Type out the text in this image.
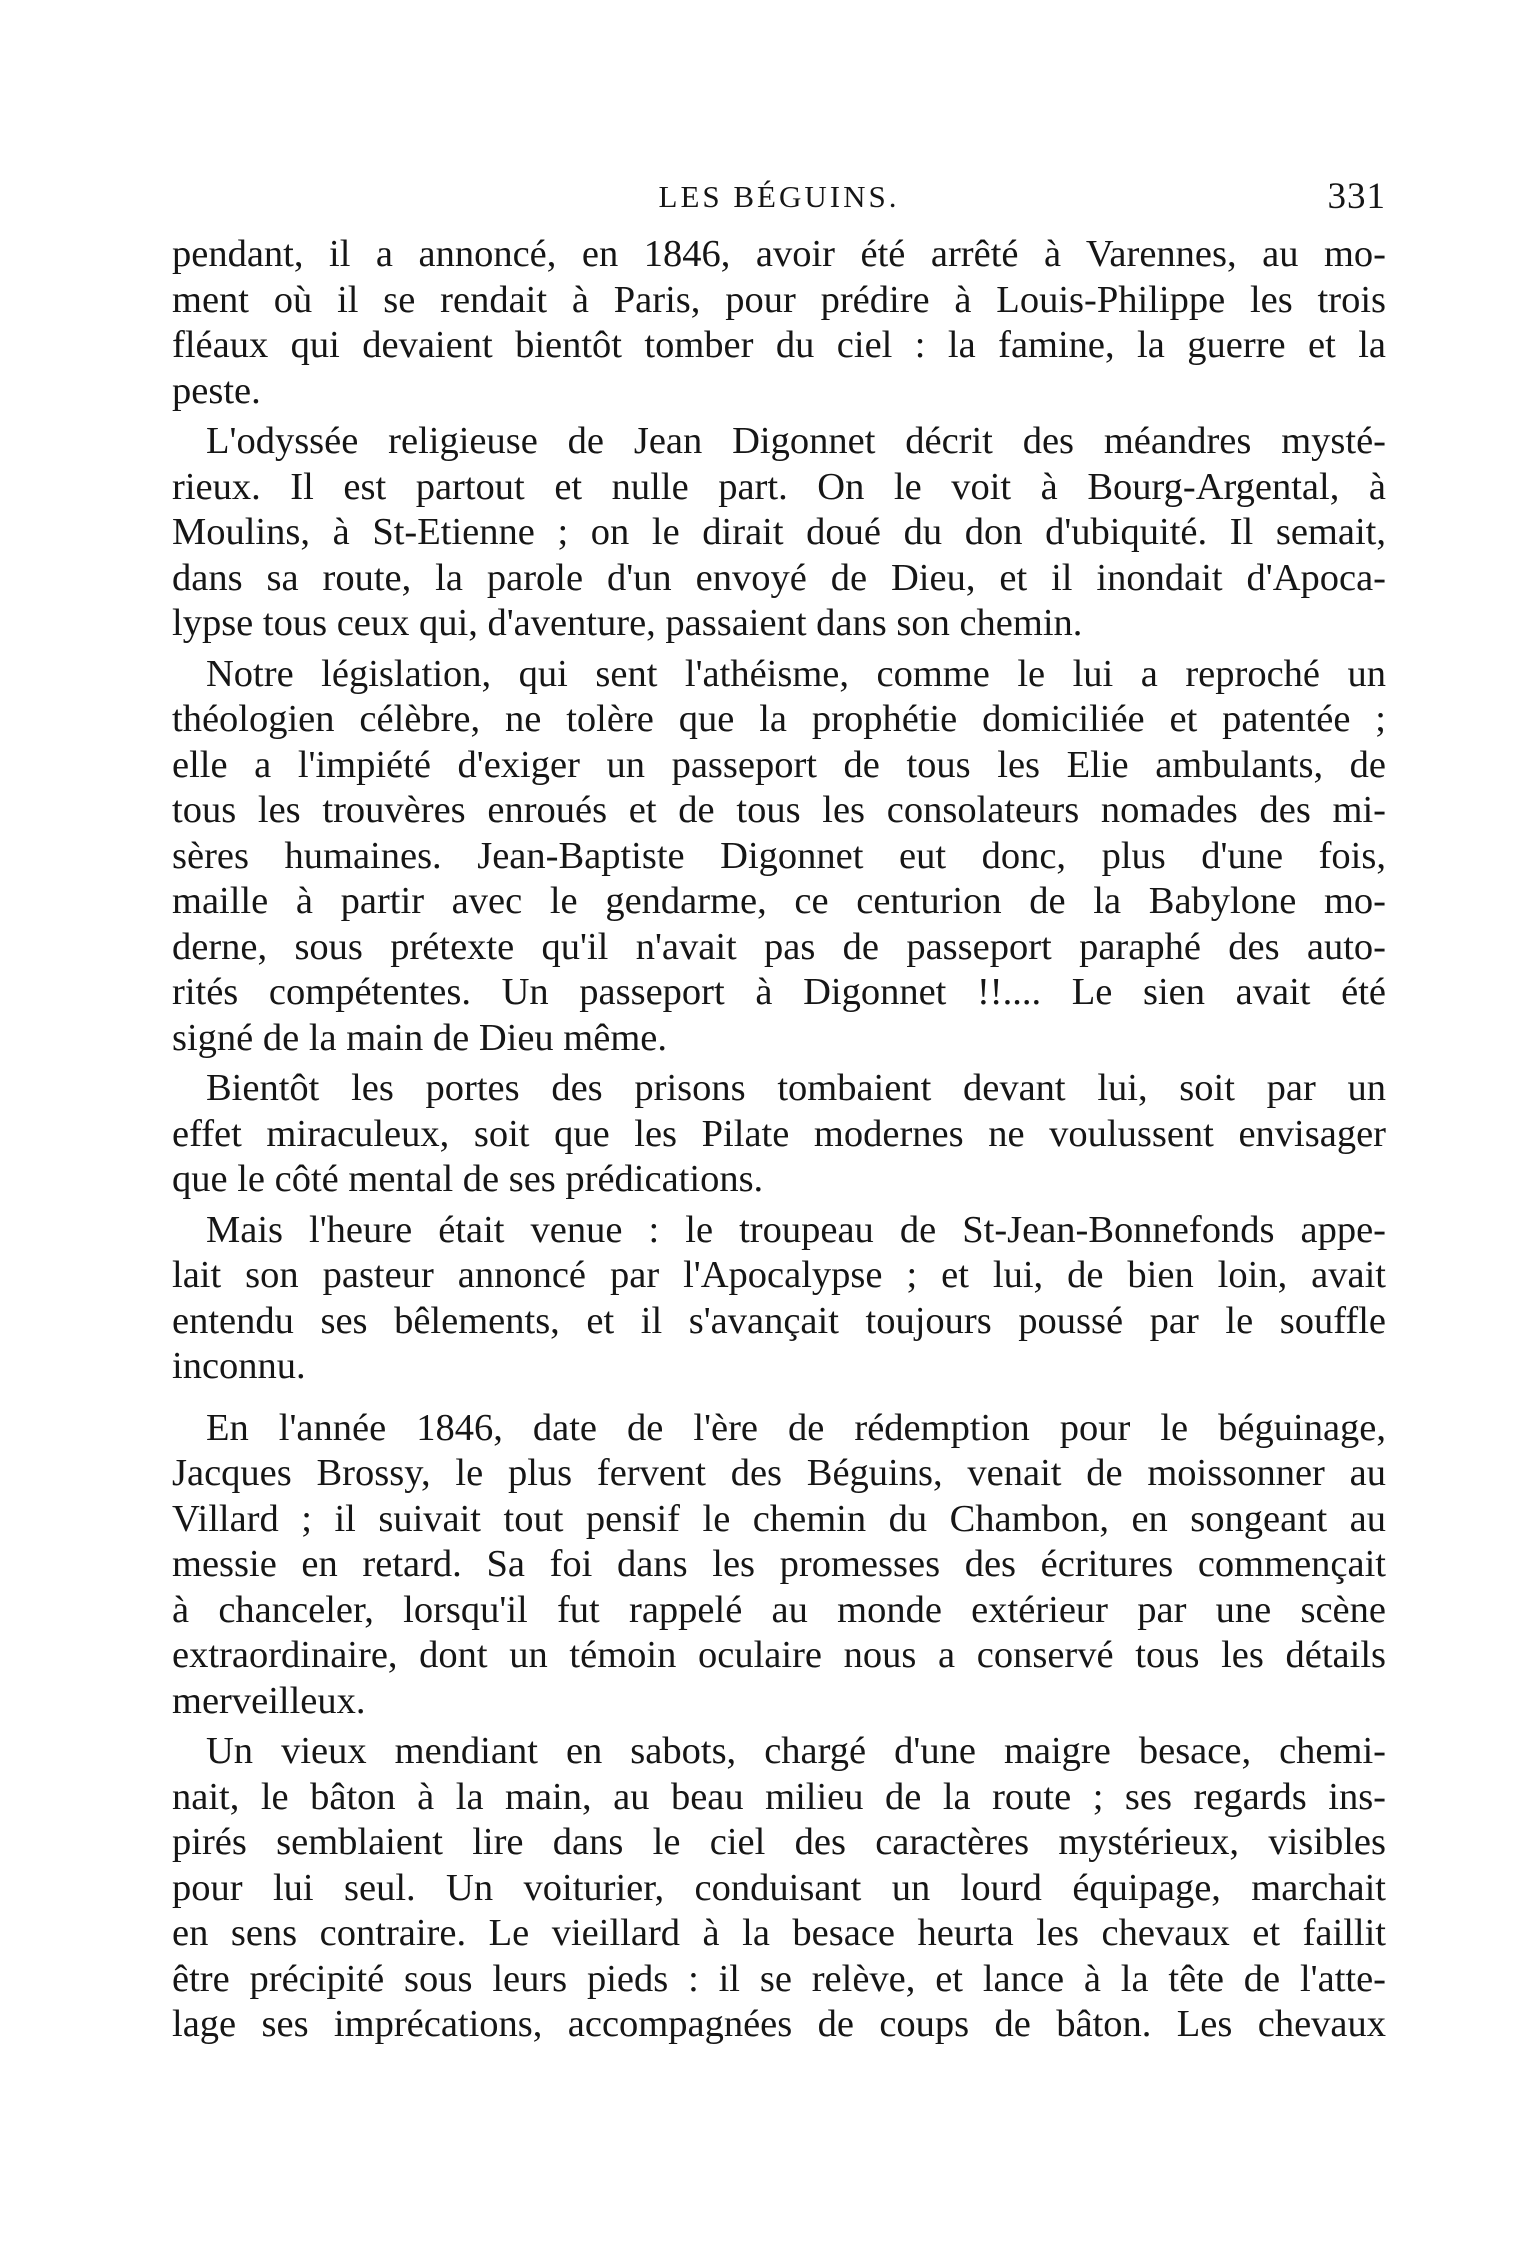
LES BÉGUINS.	331
pendant, il a annoncé, en 1846, avoir été arrêté à Varennes, au mo-
ment où il se rendait à Paris, pour prédire à Louis-Philippe les trois
fléaux qui devaient bientôt tomber du ciel : la famine, la guerre et la
peste.
L'odyssée religieuse de Jean Digonnet décrit des méandres mysté-
rieux. Il est partout et nulle part. On le voit à Bourg-Argental, à
Moulins, à St-Etienne ; on le dirait doué du don d'ubiquité. Il semait,
dans sa route, la parole d'un envoyé de Dieu, et il inondait d'Apoca-
lypse tous ceux qui, d'aventure, passaient dans son chemin.
Notre législation, qui sent l'athéisme, comme le lui a reproché un
théologien célèbre, ne tolère que la prophétie domiciliée et patentée ;
elle a l'impiété d'exiger un passeport de tous les Elie ambulants, de
tous les trouvères enroués et de tous les consolateurs nomades des mi-
sères humaines. Jean-Baptiste Digonnet eut donc, plus d'une fois,
maille à partir avec le gendarme, ce centurion de la Babylone mo-
derne, sous prétexte qu'il n'avait pas de passeport paraphé des auto-
rités compétentes. Un passeport à Digonnet !!.... Le sien avait été
signé de la main de Dieu même.
Bientôt les portes des prisons tombaient devant lui, soit par un
effet miraculeux, soit que les Pilate modernes ne voulussent envisager
que le côté mental de ses prédications.
Mais l'heure était venue : le troupeau de St-Jean-Bonnefonds appe-
lait son pasteur annoncé par l'Apocalypse ; et lui, de bien loin, avait
entendu ses bêlements, et il s'avançait toujours poussé par le souffle
inconnu.
En l'année 1846, date de l'ère de rédemption pour le béguinage,
Jacques Brossy, le plus fervent des Béguins, venait de moissonner au
Villard ; il suivait tout pensif le chemin du Chambon, en songeant au
messie en retard. Sa foi dans les promesses des écritures commençait
à chanceler, lorsqu'il fut rappelé au monde extérieur par une scène
extraordinaire, dont un témoin oculaire nous a conservé tous les détails
merveilleux.
Un vieux mendiant en sabots, chargé d'une maigre besace, chemi-
nait, le bâton à la main, au beau milieu de la route ; ses regards ins-
pirés semblaient lire dans le ciel des caractères mystérieux, visibles
pour lui seul. Un voiturier, conduisant un lourd équipage, marchait
en sens contraire. Le vieillard à la besace heurta les chevaux et faillit
être précipité sous leurs pieds : il se relève, et lance à la tête de l'atte-
lage ses imprécations, accompagnées de coups de bâton. Les chevaux
